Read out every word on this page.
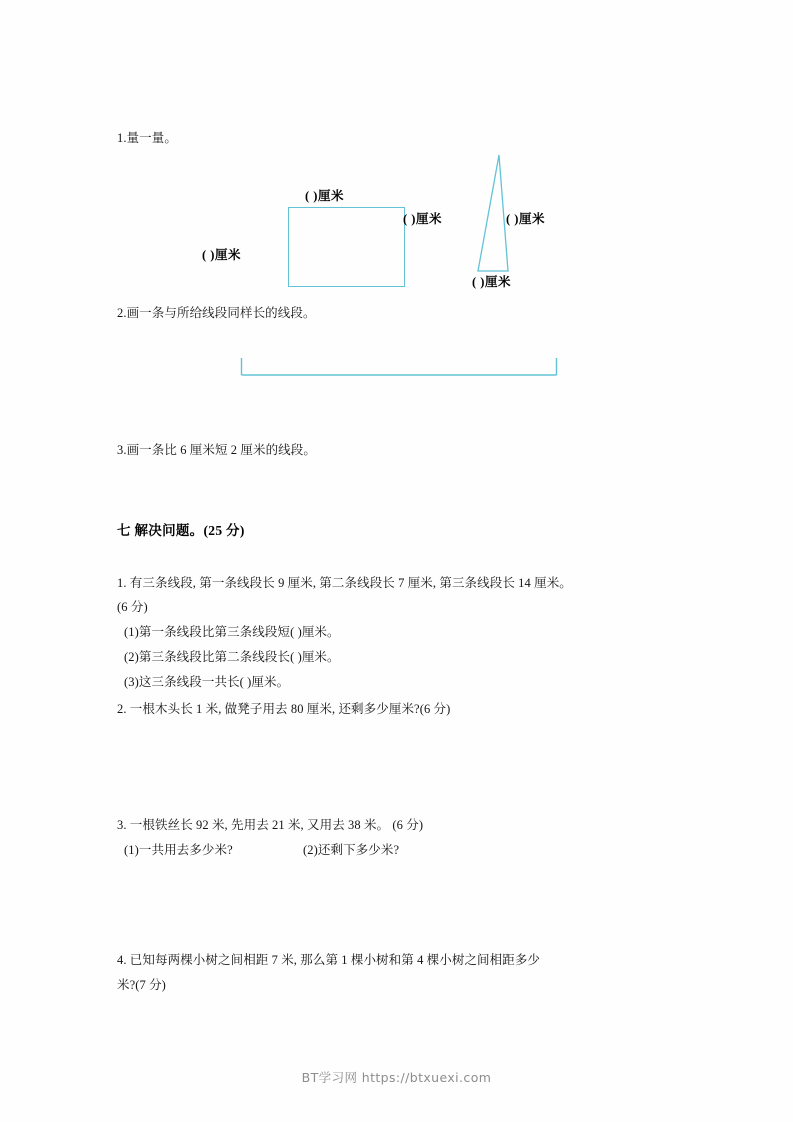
1.量一量。
( )厘米
( )厘米
( )厘米	( )厘米
( )厘米
2.画一条与所给线段同样长的线段。
3.画一条比 6 厘米短 2 厘米的线段。
七 解决问题。(25 分)
1. 有三条线段, 第一条线段长 9 厘米, 第二条线段长 7 厘米, 第三条线段长 14 厘米。
(6 分)
(1)第一条线段比第三条线段短( )厘米。
(2)第三条线段比第二条线段长( )厘米。
(3)这三条线段一共长( )厘米。
2. 一根木头长 1 米, 做凳子用去 80 厘米, 还剩多少厘米?(6 分)
3. 一根铁丝长 92 米, 先用去 21 米, 又用去 38 米。 (6 分)
(1)一共用去多少米?	(2)还剩下多少米?
4. 已知每两棵小树之间相距 7 米, 那么第 1 棵小树和第 4 棵小树之间相距多少
米?(7 分)
BT学习网 https://btxuexi.com
